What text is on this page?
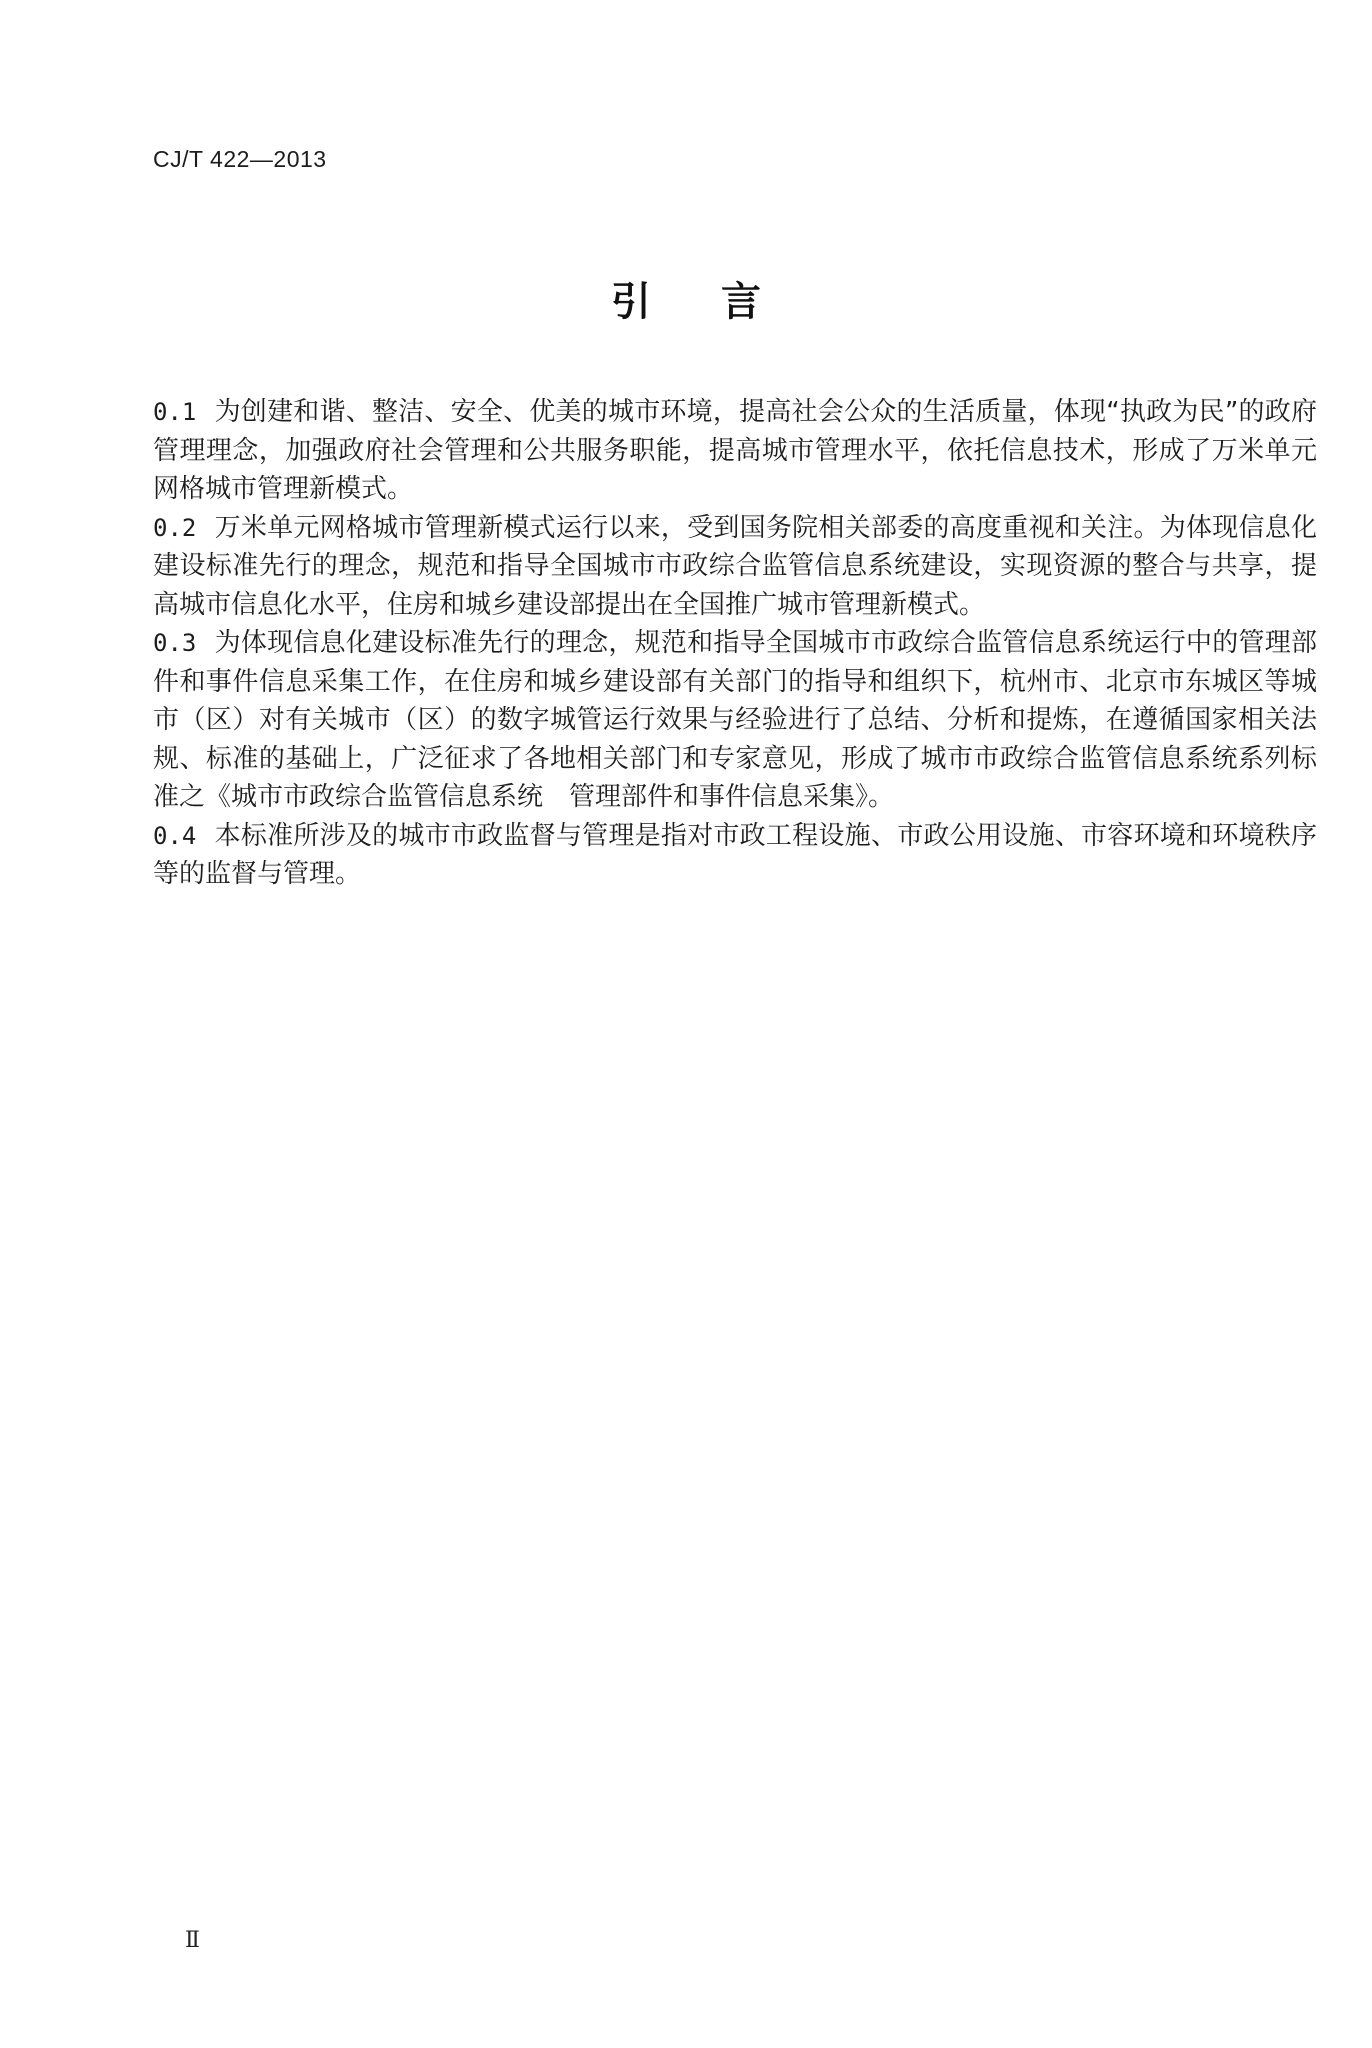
CJ/T 422—2013
引言

0.1 为创建和谐、整洁、安全、优美的城市环境，提高社会公众的生活质量，体现“执政为民”的政府管理理念，加强政府社会管理和公共服务职能，提高城市管理水平，依托信息技术，形成了万米单元网格城市管理新模式。

0.2 万米单元网格城市管理新模式运行以来，受到国务院相关部委的高度重视和关注。为体现信息化建设标准先行的理念，规范和指导全国城市市政综合监管信息系统建设，实现资源的整合与共享，提高城市信息化水平，住房和城乡建设部提出在全国推广城市管理新模式。

0.3 为体现信息化建设标准先行的理念，规范和指导全国城市市政综合监管信息系统运行中的管理部件和事件信息采集工作，在住房和城乡建设部有关部门的指导和组织下，杭州市、北京市东城区等城市（区）对有关城市（区）的数字城管运行效果与经验进行了总结、分析和提炼，在遵循国家相关法规、标准的基础上，广泛征求了各地相关部门和专家意见，形成了城市市政综合监管信息系统系列标准之《城市市政综合监管信息系统　管理部件和事件信息采集》。

0.4 本标准所涉及的城市市政监督与管理是指对市政工程设施、市政公用设施、市容环境和环境秩序等的监督与管理。

Ⅱ
